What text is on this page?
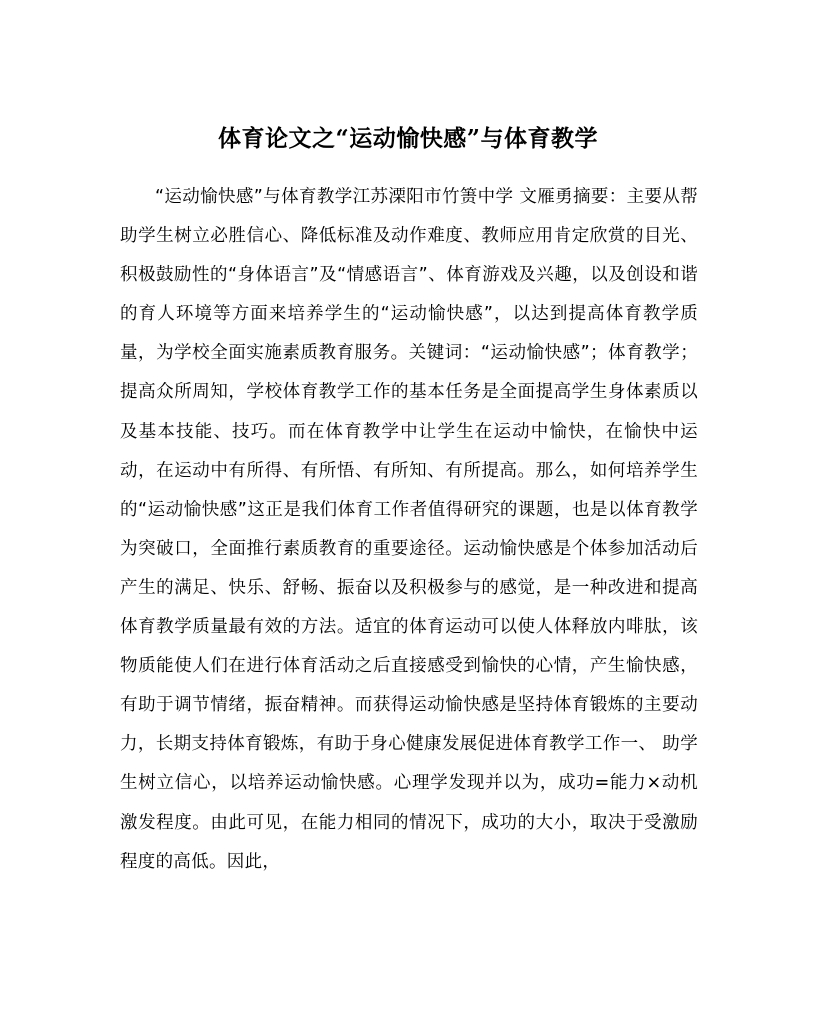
体育论文之“运动愉快感”与体育教学

“运动愉快感”与体育教学江苏溧阳市竹箦中学 文雁勇摘要：主要从帮助学生树立必胜信心、降低标准及动作难度、教师应用肯定欣赏的目光、积极鼓励性的“身体语言”及“情感语言”、体育游戏及兴趣，以及创设和谐的育人环境等方面来培养学生的“运动愉快感”，以达到提高体育教学质量，为学校全面实施素质教育服务。关键词：“运动愉快感”；体育教学；提高众所周知，学校体育教学工作的基本任务是全面提高学生身体素质以及基本技能、技巧。而在体育教学中让学生在运动中愉快，在愉快中运动，在运动中有所得、有所悟、有所知、有所提高。那么，如何培养学生的“运动愉快感”这正是我们体育工作者值得研究的课题，也是以体育教学为突破口，全面推行素质教育的重要途径。运动愉快感是个体参加活动后产生的满足、快乐、舒畅、振奋以及积极参与的感觉，是一种改进和提高体育教学质量最有效的方法。适宜的体育运动可以使人体释放内啡肽，该物质能使人们在进行体育活动之后直接感受到愉快的心情，产生愉快感，有助于调节情绪，振奋精神。而获得运动愉快感是坚持体育锻炼的主要动力，长期支持体育锻炼，有助于身心健康发展促进体育教学工作一、 助学生树立信心，以培养运动愉快感。心理学发现并以为，成功=能力×动机激发程度。由此可见，在能力相同的情况下，成功的大小，取决于受激励程度的高低。因此，
